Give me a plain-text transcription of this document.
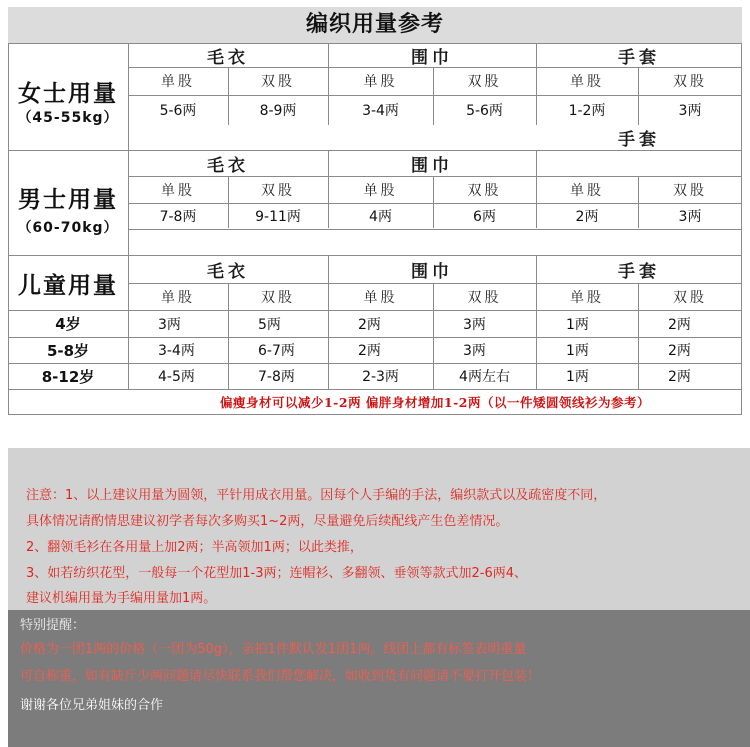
编织用量参考
女士用量
（45-55kg）
毛衣	围巾	手套
单股	双股	单股	双股	单股	双股
5-6两	8-9两	3-4两	5-6两	1-2两	3两
手套
男士用量
（60-70kg）
毛衣	围巾
单股	双股	单股	双股	单股	双股
7-8两	9-11两	4两	6两	2两	3两
儿童用量
毛衣	围巾	手套
单股	双股	单股	双股	单股	双股
4岁	3两	5两	2两	3两	1两	2两
5-8岁	3-4两	6-7两	2两	3两	1两	2两
8-12岁	4-5两	7-8两	2-3两	4两左右	1两	2两
偏瘦身材可以减少1-2两 偏胖身材增加1-2两（以一件矮圆领线衫为参考）
注意：1、以上建议用量为圆领，平针用成衣用量。因每个人手编的手法，编织款式以及疏密度不同，
具体情况请酌情思建议初学者每次多购买1~2两，尽量避免后续配线产生色差情况。
2、翻领毛衫在各用量上加2两；半高领加1两；以此类推，
3、如若纺织花型，一般每一个花型加1-3两；连帽衫、多翻领、垂领等款式加2-6两4、
建议机编用量为手编用量加1两。
特别提醒：
价格为一团1两的价格（一团为50g），亲拍1件默认发1团1两。线团上都有标签表明重量
可自称重，如有缺斤少两问题请尽快联系我们帮您解决，如收到货有问题请不要打开包装！
谢谢各位兄弟姐妹的合作
